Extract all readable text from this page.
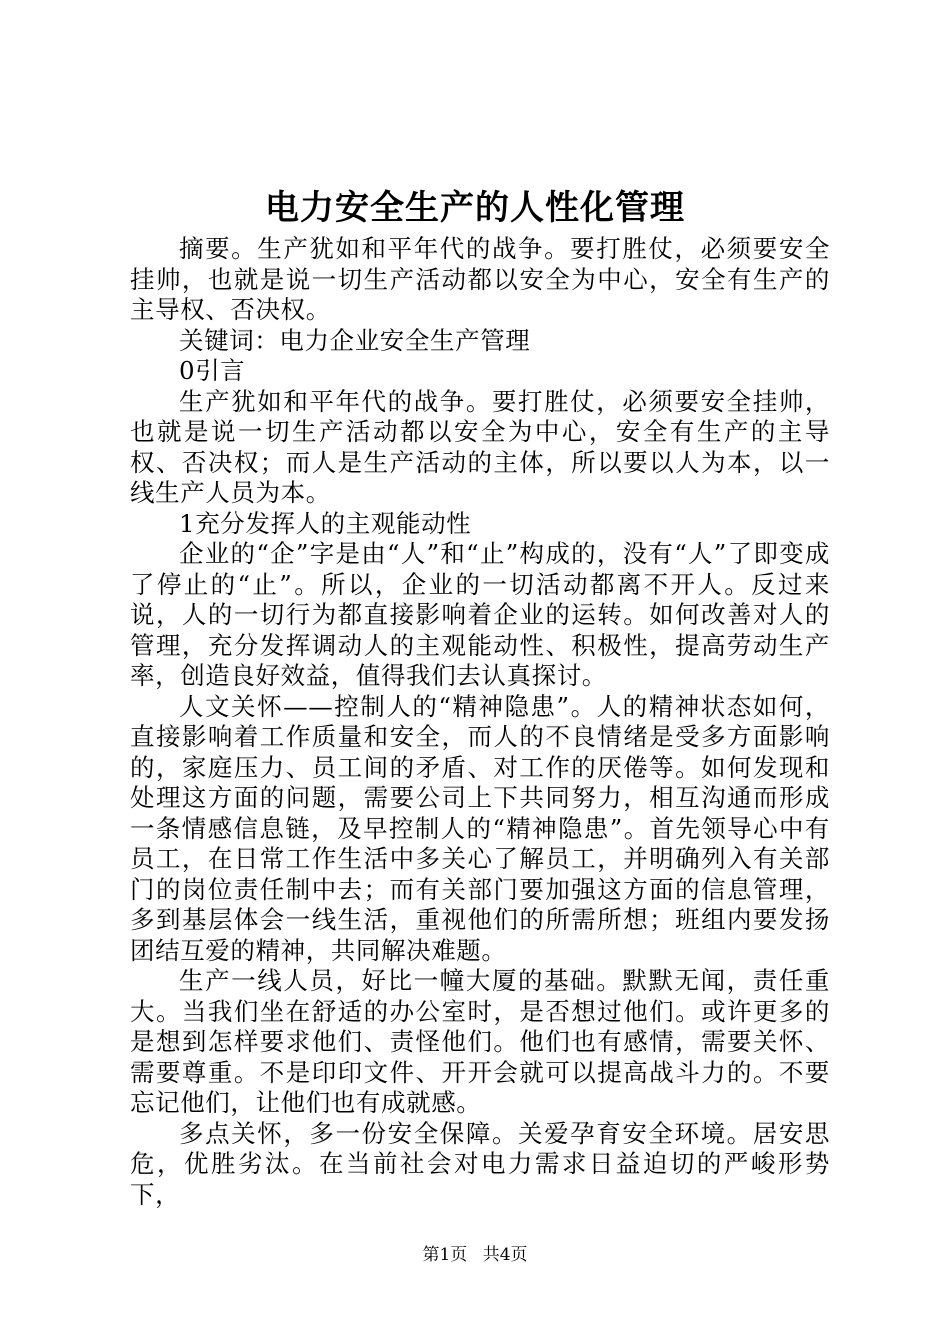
电力安全生产的人性化管理

摘要。生产犹如和平年代的战争。要打胜仗，必须要安全挂帅，也就是说一切生产活动都以安全为中心，安全有生产的主导权、否决权。

关键词：电力企业安全生产管理

0引言

生产犹如和平年代的战争。要打胜仗，必须要安全挂帅，也就是说一切生产活动都以安全为中心，安全有生产的主导权、否决权；而人是生产活动的主体，所以要以人为本，以一线生产人员为本。

1充分发挥人的主观能动性

企业的“企”字是由“人”和“止”构成的，没有“人”了即变成了停止的“止”。所以，企业的一切活动都离不开人。反过来说，人的一切行为都直接影响着企业的运转。如何改善对人的管理，充分发挥调动人的主观能动性、积极性，提高劳动生产率，创造良好效益，值得我们去认真探讨。

人文关怀——控制人的“精神隐患”。人的精神状态如何，直接影响着工作质量和安全，而人的不良情绪是受多方面影响的，家庭压力、员工间的矛盾、对工作的厌倦等。如何发现和处理这方面的问题，需要公司上下共同努力，相互沟通而形成一条情感信息链，及早控制人的“精神隐患”。首先领导心中有员工，在日常工作生活中多关心了解员工，并明确列入有关部门的岗位责任制中去；而有关部门要加强这方面的信息管理，多到基层体会一线生活，重视他们的所需所想；班组内要发扬团结互爱的精神，共同解决难题。

生产一线人员，好比一幢大厦的基础。默默无闻，责任重大。当我们坐在舒适的办公室时，是否想过他们。或许更多的是想到怎样要求他们、责怪他们。他们也有感情，需要关怀、需要尊重。不是印印文件、开开会就可以提高战斗力的。不要忘记他们，让他们也有成就感。

多点关怀，多一份安全保障。关爱孕育安全环境。居安思危，优胜劣汰。在当前社会对电力需求日益迫切的严峻形势下，

第1页 共4页
